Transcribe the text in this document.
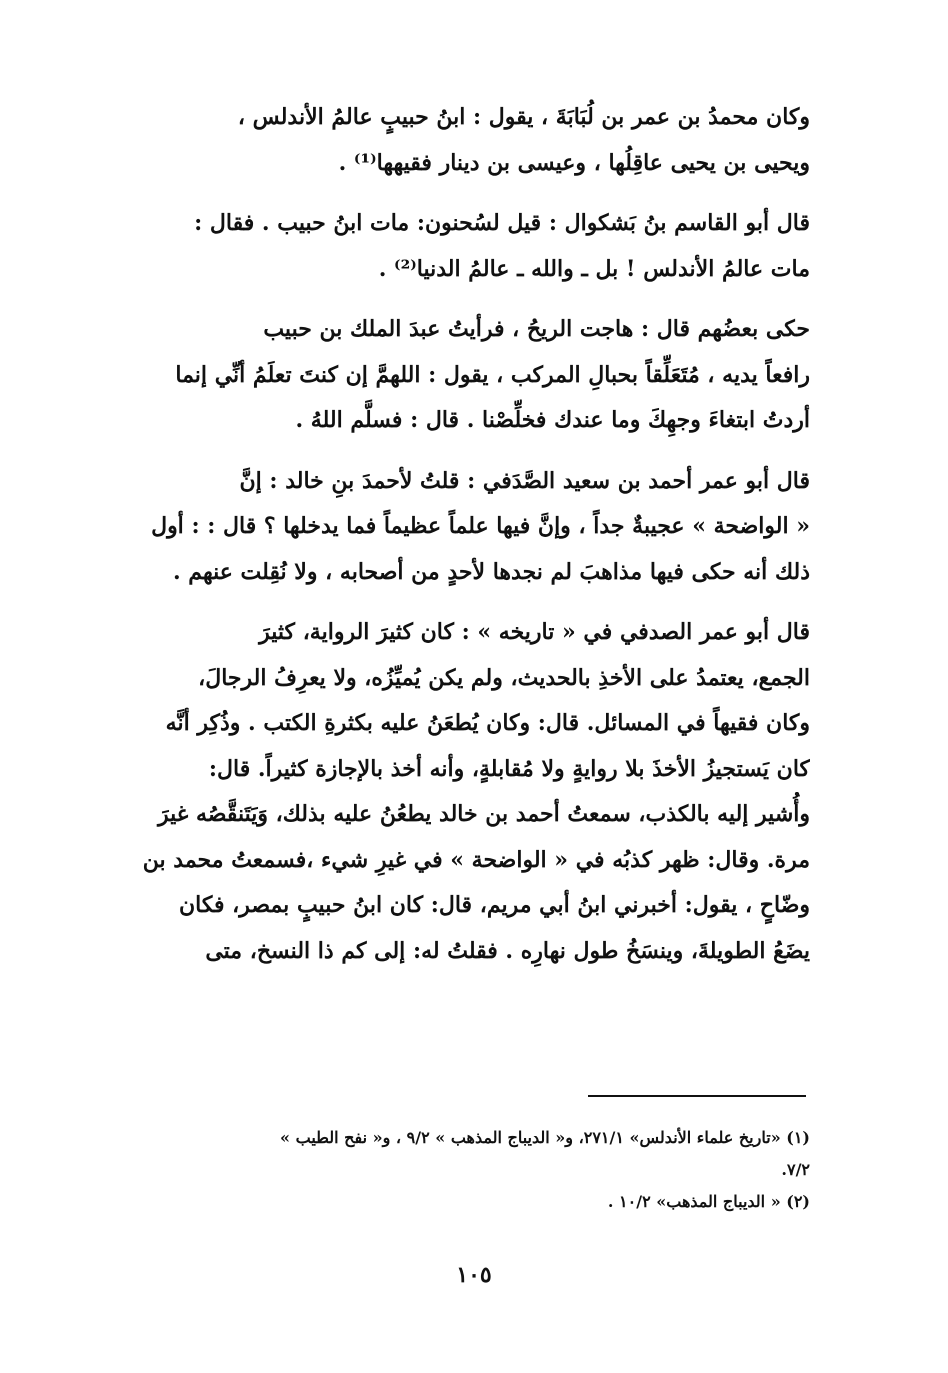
وكان محمدُ بن عمر بن لُبَابَةَ ، يقول : ابنُ حبيبٍ عالمُ الأندلس ،
ويحيى بن يحيى عاقِلُها ، وعيسى بن دينار فقيهها⁽¹⁾ .

قال أبو القاسم بنُ بَشكوال : قيل لسُحنون: مات ابنُ حبيب . فقال :
مات عالمُ الأندلس ! بل ـ والله ـ عالمُ الدنيا⁽²⁾ .

حكى بعضُهم قال : هاجت الريحُ ، فرأيتُ عبدَ الملك بن حبيب
رافعاً يديه ، مُتَعَلِّقاً بحبالِ المركب ، يقول : اللهمَّ إن كنتَ تعلَمُ أنِّي إنما
أردتُ ابتغاءَ وجهِكَ وما عندك فخلِّصْنا . قال : فسلَّم اللهُ .

قال أبو عمر أحمد بن سعيد الصَّدَفي : قلتُ لأحمدَ بنِ خالد : إنَّ
« الواضحة » عجيبةٌ جداً ، وإنَّ فيها علماً عظيماً فما يدخلها ؟ قال : : أول
ذلك أنه حكى فيها مذاهبَ لم نجدها لأحدٍ من أصحابه ، ولا نُقِلت عنهم .

قال أبو عمر الصدفي في « تاريخه » : كان كثيرَ الرواية، كثيرَ
الجمع، يعتمدُ على الأخذِ بالحديث، ولم يكن يُميِّزُه، ولا يعرِفُ الرجالَ،
وكان فقيهاً في المسائل. قال: وكان يُطعَنُ عليه بكثرةِ الكتب . وذُكِر أنَّه
كان يَستجيزُ الأخذَ بلا روايةٍ ولا مُقابلةٍ، وأنه أخذ بالإجازة كثيراً. قال:
وأُشير إليه بالكذب، سمعتُ أحمد بن خالد يطعُنُ عليه بذلك، وَيَتَنقَّصُه غيرَ
مرة. وقال: ظهر كذبُه في « الواضحة » في غيرِ شيء ،فسمعتُ محمد بن
وضّاحٍ ، يقول: أخبرني ابنُ أبي مريم، قال: كان ابنُ حبيبٍ بمصر، فكان
يضَعُ الطويلةَ، وينسَخُ طول نهارِه . فقلتُ له: إلى كم ذا النسخ، متى

(١) «تاريخ علماء الأندلس» ٢٧١/١، و« الديباج المذهب » ٩/٢ ، و« نفح الطيب »
٧/٢.
(٢) « الديباج المذهب» ١٠/٢ .
١٠٥
